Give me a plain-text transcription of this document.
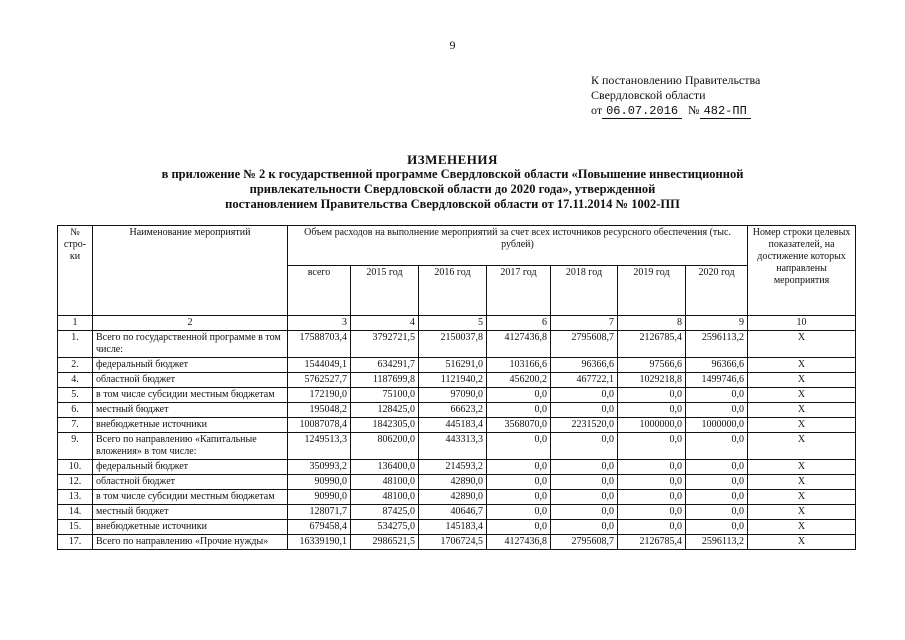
9
К постановлению Правительства
Свердловской области
от 06.07.2016 № 482-ПП
ИЗМЕНЕНИЯ
в приложение № 2 к государственной программе Свердловской области «Повышение инвестиционной
привлекательности Свердловской области до 2020 года», утвержденной
постановлением Правительства Свердловской области от 17.11.2014 № 1002-ПП
№ стро-ки	Наименование мероприятий	Объем расходов на выполнение мероприятий за счет всех источников ресурсного обеспечения (тыс. рублей)							Номер строки целевых показателей, на достижение которых направлены мероприятия
		всего	2015 год	2016 год	2017 год	2018 год	2019 год	2020 год	
1	2	3	4	5	6	7	8	9	10
1.	Всего по государственной программе в том числе:	17588703,4	3792721,5	2150037,8	4127436,8	2795608,7	2126785,4	2596113,2	X
2.	федеральный бюджет	1544049,1	634291,7	516291,0	103166,6	96366,6	97566,6	96366,6	X
4.	областной бюджет	5762527,7	1187699,8	1121940,2	456200,2	467722,1	1029218,8	1499746,6	X
5.	в том числе субсидии местным бюджетам	172190,0	75100,0	97090,0	0,0	0,0	0,0	0,0	X
6.	местный бюджет	195048,2	128425,0	66623,2	0,0	0,0	0,0	0,0	X
7.	внебюджетные источники	10087078,4	1842305,0	445183,4	3568070,0	2231520,0	1000000,0	1000000,0	X
9.	Всего по направлению «Капитальные вложения» в том числе:	1249513,3	806200,0	443313,3	0,0	0,0	0,0	0,0	X
10.	федеральный бюджет	350993,2	136400,0	214593,2	0,0	0,0	0,0	0,0	X
12.	областной бюджет	90990,0	48100,0	42890,0	0,0	0,0	0,0	0,0	X
13.	в том числе субсидии местным бюджетам	90990,0	48100,0	42890,0	0,0	0,0	0,0	0,0	X
14.	местный бюджет	128071,7	87425,0	40646,7	0,0	0,0	0,0	0,0	X
15.	внебюджетные источники	679458,4	534275,0	145183,4	0,0	0,0	0,0	0,0	X
17.	Всего по направлению «Прочие нужды»	16339190,1	2986521,5	1706724,5	4127436,8	2795608,7	2126785,4	2596113,2	X
